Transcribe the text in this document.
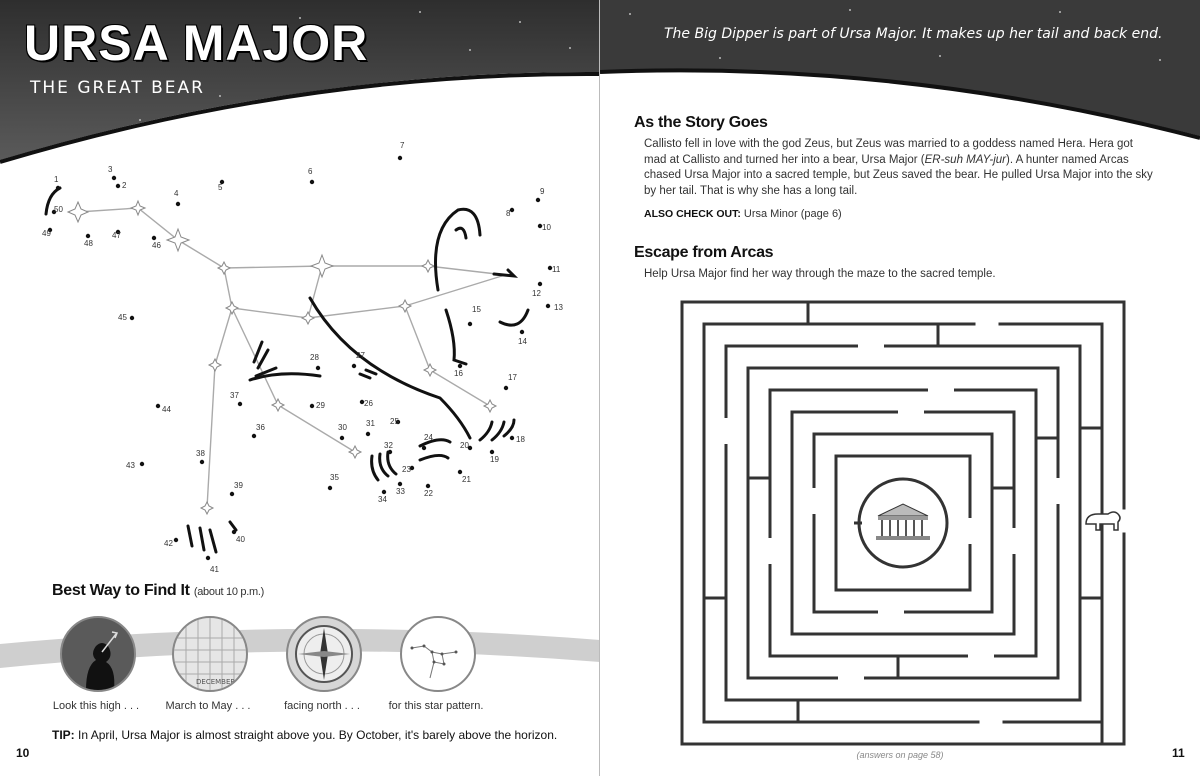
URSA MAJOR
THE GREAT BEAR
1
2
3
4
5
6
7
8
9
10
11
12
13
14
15
16	17
18
19
20
21
22
23
24
25
26
27
28
29
30 31
32
33
34
35
36
37
38
39
40
41
42
43
44
45
46
47
48
49
50
Best Way to Find It (about 10 p.m.)
DECEMBER
Look this high . . .	March to May . . .	facing north . . .	for this star pattern.

TIP: In April, Ursa Major is almost straight above you. By October, it's barely above the horizon.

10

The Big Dipper is part of Ursa Major. It makes up her tail and back end.

As the Story Goes

Callisto fell in love with the god Zeus, but Zeus was married to a goddess named Hera. Hera got mad at Callisto and turned her into a bear, Ursa Major (ER-suh MAY-jur). A hunter named Arcas chased Ursa Major into a sacred temple, but Zeus saved the bear. He pulled Ursa Major into the sky by her tail. That is why she has a long tail.

ALSO CHECK OUT: Ursa Minor (page 6)

Escape from Arcas

Help Ursa Major find her way through the maze to the sacred temple.

(answers on page 58)	11
